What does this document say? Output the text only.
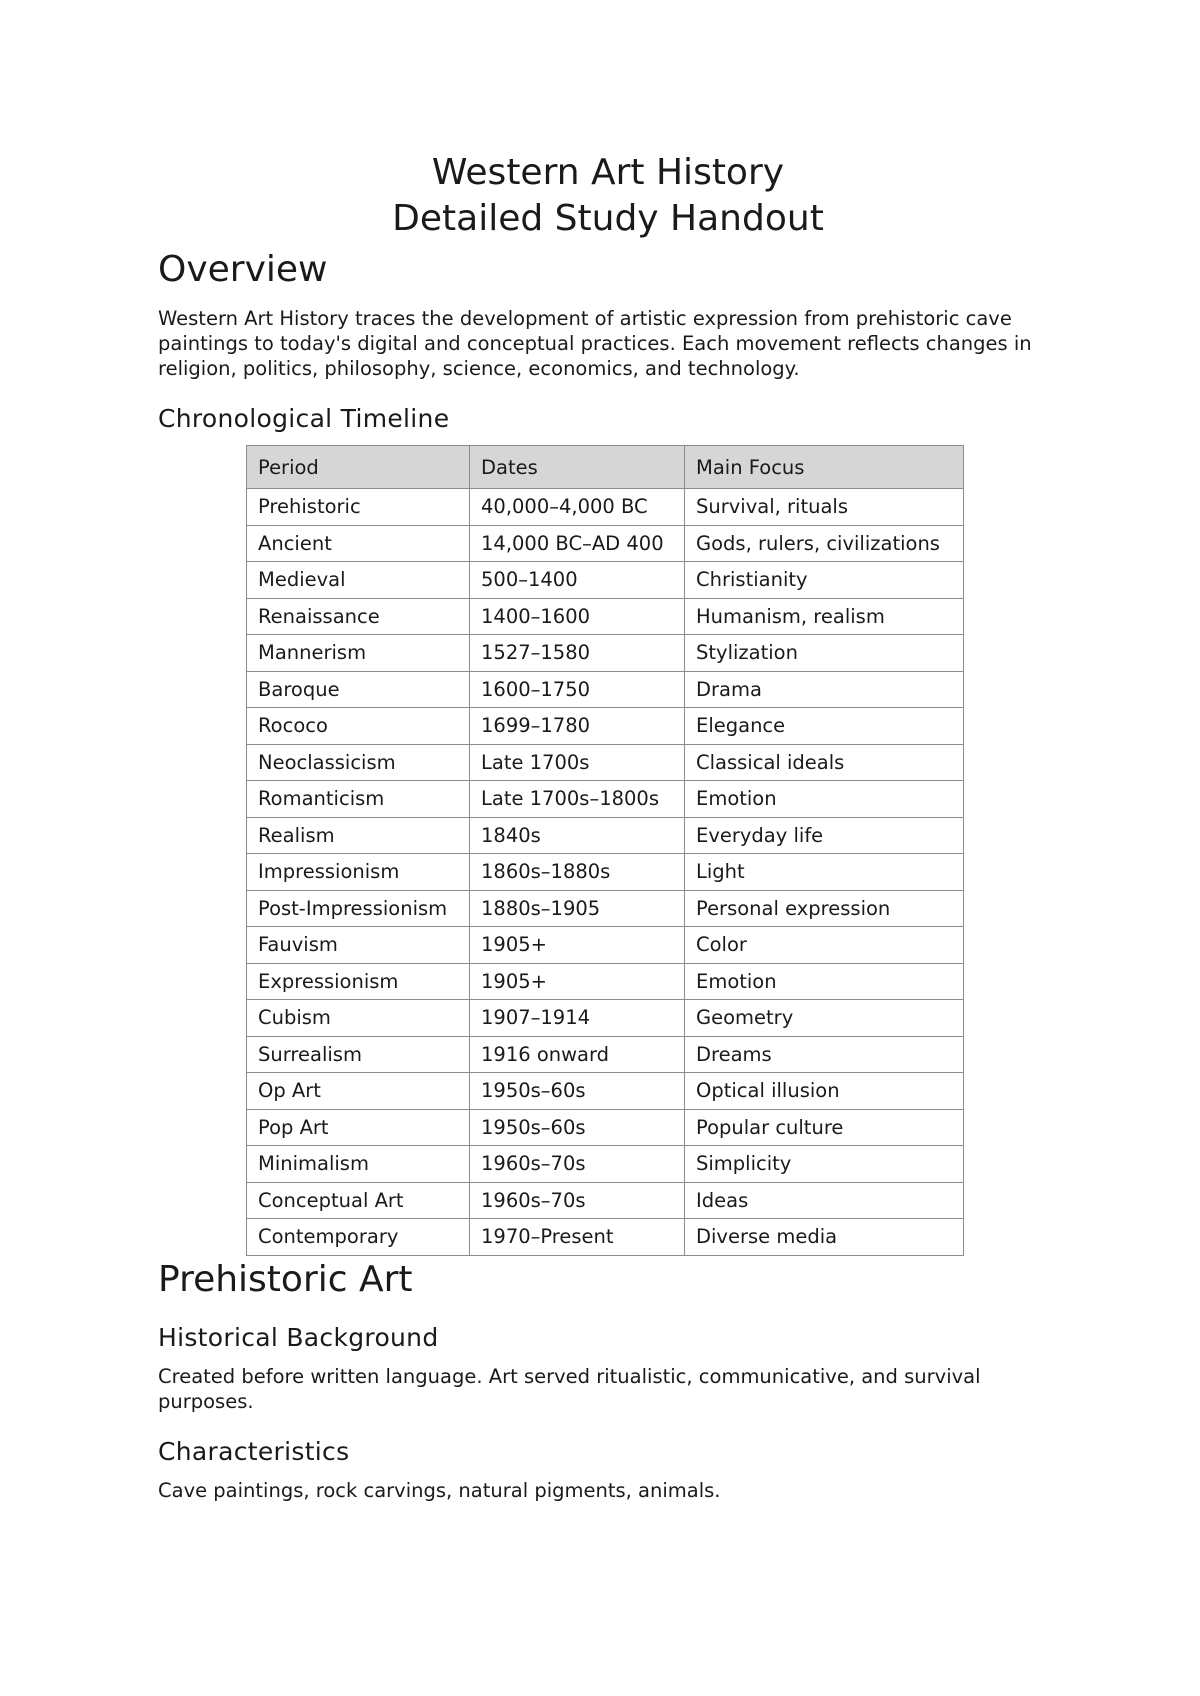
Western Art History
Detailed Study Handout
Overview

Western Art History traces the development of artistic expression from prehistoric cave paintings to today's digital and conceptual practices. Each movement reflects changes in religion, politics, philosophy, science, economics, and technology.

Chronological Timeline
Period	Dates	Main Focus
Prehistoric	40,000–4,000 BC	Survival, rituals
Ancient	14,000 BC–AD 400	Gods, rulers, civilizations
Medieval	500–1400	Christianity
Renaissance	1400–1600	Humanism, realism
Mannerism	1527–1580	Stylization
Baroque	1600–1750	Drama
Rococo	1699–1780	Elegance
Neoclassicism	Late 1700s	Classical ideals
Romanticism	Late 1700s–1800s	Emotion
Realism	1840s	Everyday life
Impressionism	1860s–1880s	Light
Post-Impressionism	1880s–1905	Personal expression
Fauvism	1905+	Color
Expressionism	1905+	Emotion
Cubism	1907–1914	Geometry
Surrealism	1916 onward	Dreams
Op Art	1950s–60s	Optical illusion
Pop Art	1950s–60s	Popular culture
Minimalism	1960s–70s	Simplicity
Conceptual Art	1960s–70s	Ideas
Contemporary	1970–Present	Diverse media
Prehistoric Art
Historical Background

Created before written language. Art served ritualistic, communicative, and survival purposes.

Characteristics

Cave paintings, rock carvings, natural pigments, animals.
